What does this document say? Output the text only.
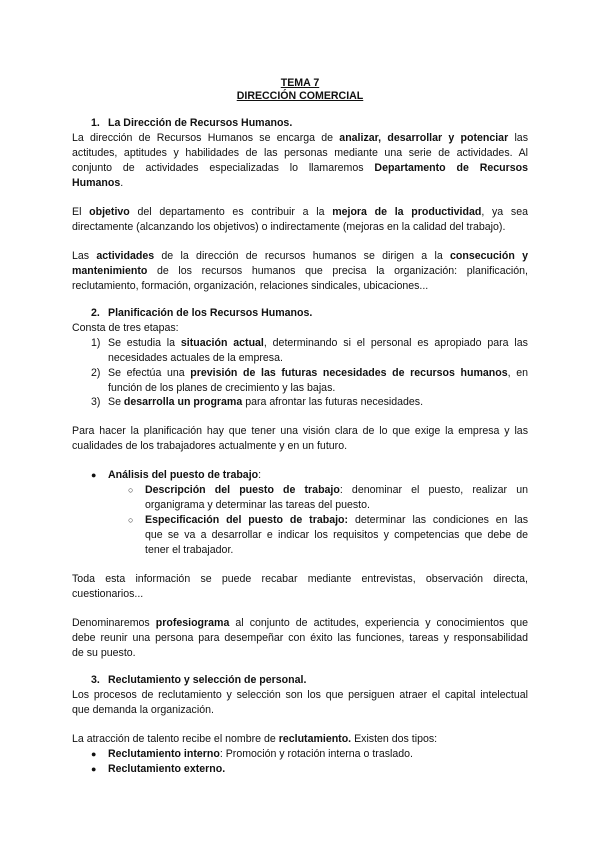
TEMA 7
DIRECCIÓN COMERCIAL
1. La Dirección de Recursos Humanos.
La dirección de Recursos Humanos se encarga de analizar, desarrollar y potenciar las
actitudes, aptitudes y habilidades de las personas mediante una serie de actividades. Al
conjunto de actividades especializadas lo llamaremos Departamento de Recursos
Humanos.
El objetivo del departamento es contribuir a la mejora de la productividad, ya sea
directamente (alcanzando los objetivos) o indirectamente (mejoras en la calidad del trabajo).
Las actividades de la dirección de recursos humanos se dirigen a la consecución y
mantenimiento de los recursos humanos que precisa la organización: planificación,
reclutamiento, formación, organización, relaciones sindicales, ubicaciones...
2. Planificación de los Recursos Humanos.
Consta de tres etapas:
1) Se estudia la situación actual, determinando si el personal es apropiado para las
necesidades actuales de la empresa.
2) Se efectúa una previsión de las futuras necesidades de recursos humanos, en
función de los planes de crecimiento y las bajas.
3) Se desarrolla un programa para afrontar las futuras necesidades.
Para hacer la planificación hay que tener una visión clara de lo que exige la empresa y las
cualidades de los trabajadores actualmente y en un futuro.
● Análisis del puesto de trabajo:
○ Descripción del puesto de trabajo: denominar el puesto, realizar un
organigrama y determinar las tareas del puesto.
○ Especificación del puesto de trabajo: determinar las condiciones en las
que se va a desarrollar e indicar los requisitos y competencias que debe de
tener el trabajador.
Toda esta información se puede recabar mediante entrevistas, observación directa,
cuestionarios...
Denominaremos profesiograma al conjunto de actitudes, experiencia y conocimientos que
debe reunir una persona para desempeñar con éxito las funciones, tareas y responsabilidad
de su puesto.
3. Reclutamiento y selección de personal.
Los procesos de reclutamiento y selección son los que persiguen atraer el capital intelectual
que demanda la organización.
La atracción de talento recibe el nombre de reclutamiento. Existen dos tipos:
● Reclutamiento interno: Promoción y rotación interna o traslado.
● Reclutamiento externo.
